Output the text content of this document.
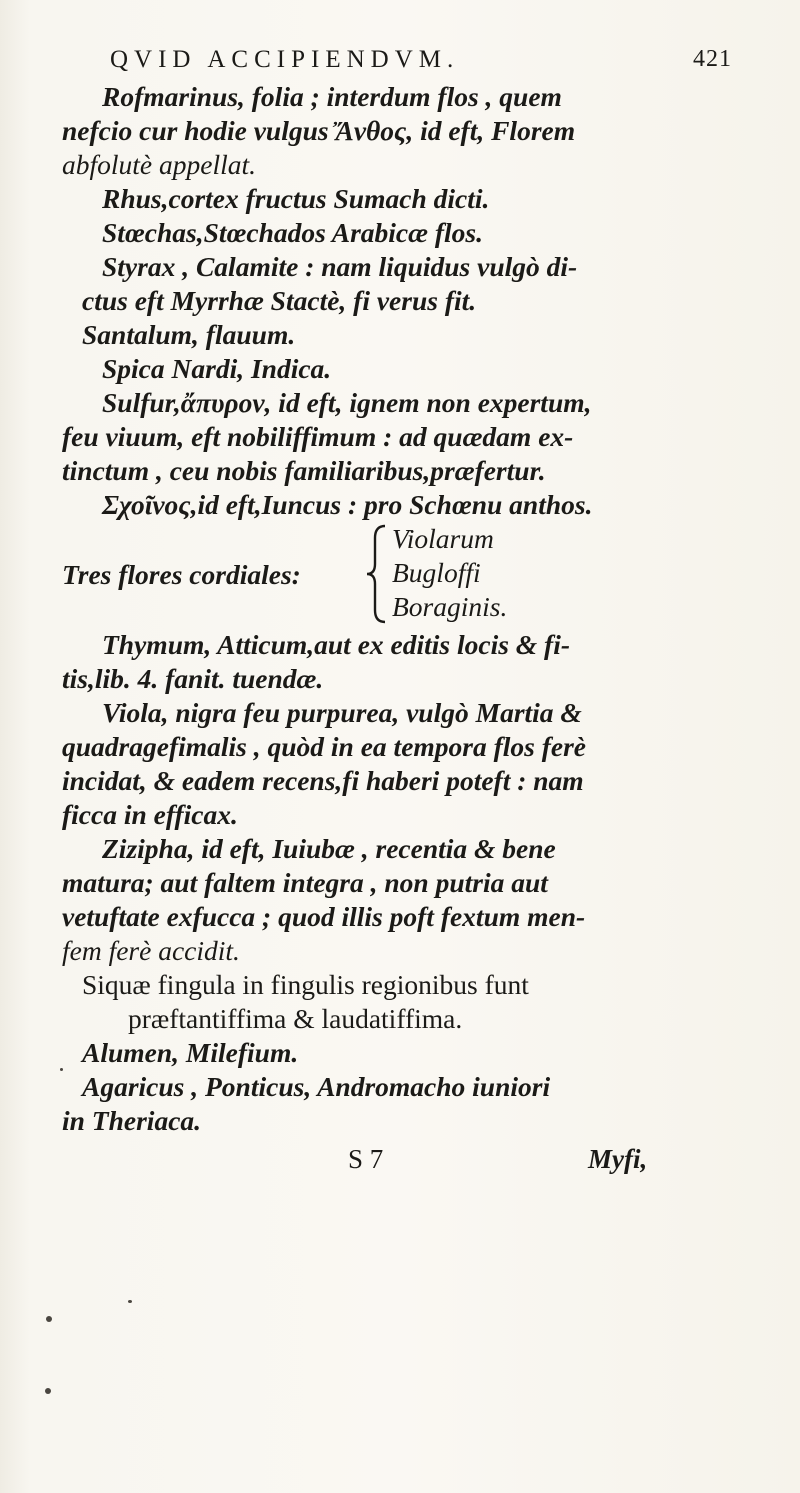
QVID ACCIPIENDVM.	421
Rofmarinus, folia ; interdum flos , quem
nefcio cur hodie vulgus Ἄνθος, id eft, Florem
abfolutè appellat.
Rhus,cortex fructus Sumach dicti.
Stœchas,Stœchados Arabicæ flos.
Styrax , Calamite : nam liquidus vulgò di-
ctus eft Myrrhæ Stactè, fi verus fit.
Santalum, flauum.
Spica Nardi, Indica.
Sulfur,ἄπυρον, id eft, ignem non expertum,
feu viuum, eft nobiliffimum : ad quædam ex-
tinctum , ceu nobis familiaribus,præfertur.
Σχοῖνος,id eft,Iuncus : pro Schœnu anthos.
Tres flores cordiales:
Violarum
Bugloffi
Boraginis.
Thymum, Atticum,aut ex editis locis & fi-
tis,lib. 4. fanit. tuendæ.
Viola, nigra feu purpurea, vulgò Martia &
quadragefimalis , quòd in ea tempora flos ferè
incidat, & eadem recens,fi haberi poteft : nam
ficca in efficax.
Zizipha, id eft, Iuiubæ , recentia & bene
matura; aut faltem integra , non putria aut
vetuftate exfucca ; quod illis poft fextum men-
fem ferè accidit.
Siquæ fingula in fingulis regionibus funt
præftantiffima & laudatiffima.
Alumen, Milefium.
Agaricus , Ponticus, Andromacho iuniori
in Theriaca.
S 7	Myfi,
